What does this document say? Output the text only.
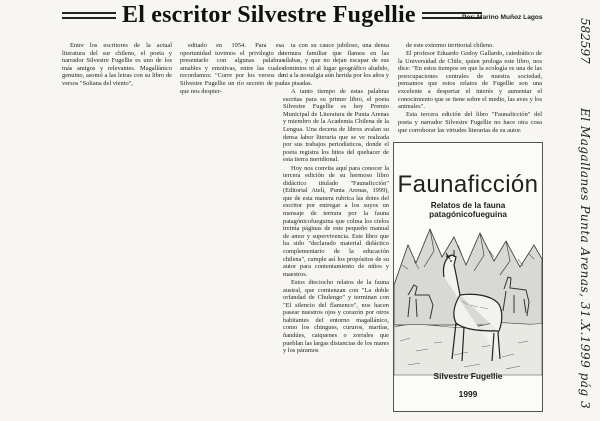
El escritor Silvestre Fugellie	Por: Marino Muñoz Lagos

Entre los escritores de la actual literatura del sur chileno, el poeta y narrador Silvestre Fugellie es uno de los más amigos y relevantes. Magallánico genuino, asomó a las letras con su libro de versos "Soliana del viento",

editado en 1954. Para esa oportunidad tuvimos el privilegio de presentarlo con algunas palabras amables y emotivas, entre las cuales recordamos: "Corre por los versos de Silvestre Fugellie un río secreto de paz que nos despier-

ta con su cauce jubiloso, una densa ternura familiar que flamea en las sílabas, y que no dejan escapar de sus dominios ni al lugar geográfico aludido, ni a la nostalgia aún herida por los años y las pisadas.

A tanto tiempo de estas palabras escritas para su primer libro, el poeta Silvestre Fugellie es hoy Premio Municipal de Literatura de Punta Arenas y miembro de la Academia Chilena de la Lengua. Una decena de libros avalan su densa labor literaria que se ve realzada por sus trabajos periodísticos, donde el poeta registra los hitos del quehacer de esta tierra meridional.

Hoy nos convita aquí para conocer la tercera edición de su hermoso libro didáctico titulado "Faunaficción" (Editorial Atelí, Punta Arenas, 1999), que de esta manera rubrica las dotes del escritor por entregar a los suyos un mensaje de ternura por la fauna patagónicofueguina que colma los cielos treinta páginas de este pequeño manual de amor y supervivencia. Este libro que ha sido "declarado material didáctico complementario de la educación chilena", cumple así los propósitos de su autor para contentamiento de niños y maestros.

Estos dieciocho relatos de la fauna austral, que comienzan con "La doble orfandad de Chulengo" y terminan con "El silencio del flamenco", nos hacen pasear nuestros ojos y corazón por otros habitantes del entorno magallánico, como los chingues, cururos, martías, ñandúes, caiquenes o zorrales que pueblan las largas distancias de los mares y los páramos

de este extremo territorial chileno.

El profesor Eduardo Godoy Gallardo, catedrático de la Universidad de Chile, quien prologa este libro, nos dice: "En estos tiempos en que la ecología es una de las preocupaciones centrales de nuestra sociedad, pensamos que estos relatos de Fugellie son una excelente a despertar el interés y aumentar el conocimiento que se tiene sobre el medio, las aves y los animales".

Esta tercera edición del libro "Faunaficción" del poeta y narrador Silvestre Fugellie no hace otra cosa que corroborar las virtudes literarias de su autor.

Faunaficción
Relatos de la fauna patagónicofueguina
Silvestre Fugellie
1999
582597
El Magallanes Punta Arenas, 31.X.1999 pág 3
